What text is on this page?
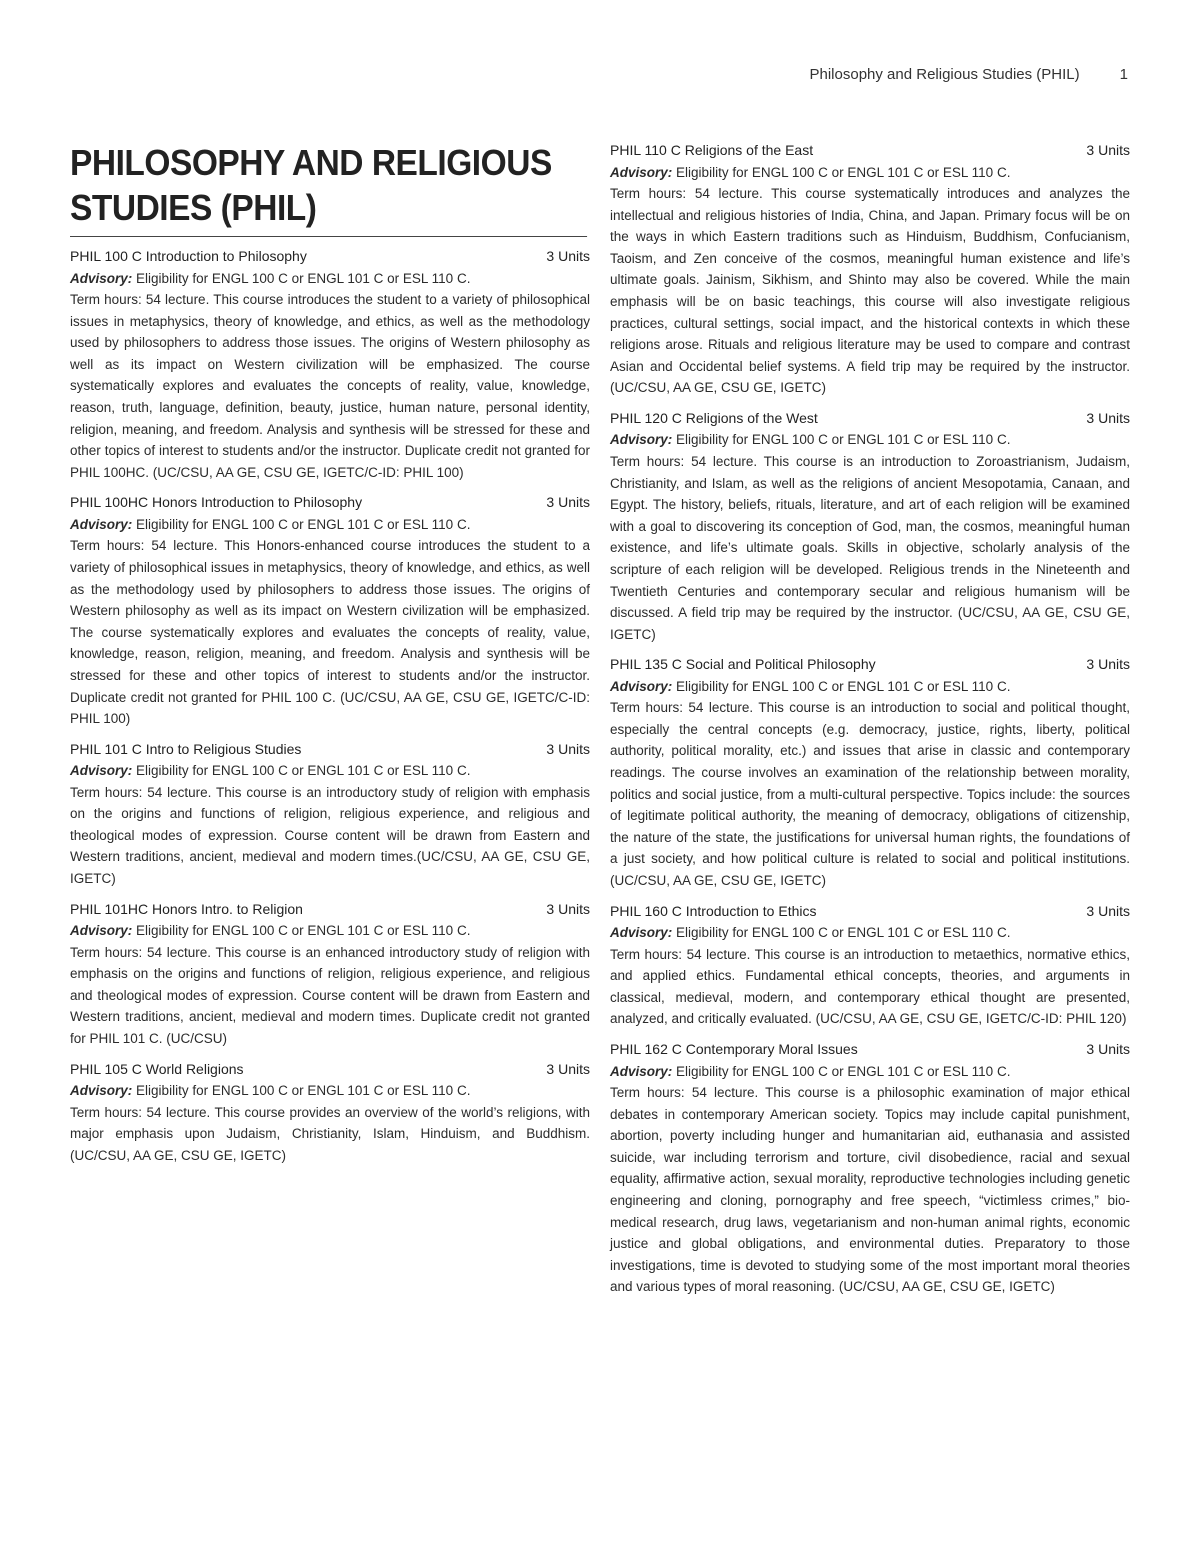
Philosophy and Religious Studies (PHIL)	1
PHILOSOPHY AND RELIGIOUS
STUDIES (PHIL)
PHIL 100 C Introduction to Philosophy	3 Units
Advisory: Eligibility for ENGL 100 C or ENGL 101 C or ESL 110 C.

Term hours: 54 lecture. This course introduces the student to a variety of philosophical issues in metaphysics, theory of knowledge, and ethics, as well as the methodology used by philosophers to address those issues. The origins of Western philosophy as well as its impact on Western civilization will be emphasized. The course systematically explores and evaluates the concepts of reality, value, knowledge, reason, truth, language, definition, beauty, justice, human nature, personal identity, religion, meaning, and freedom. Analysis and synthesis will be stressed for these and other topics of interest to students and/or the instructor. Duplicate credit not granted for PHIL 100HC. (UC/CSU, AA GE, CSU GE, IGETC/C-ID: PHIL 100)

PHIL 100HC Honors Introduction to Philosophy	3 Units
Advisory: Eligibility for ENGL 100 C or ENGL 101 C or ESL 110 C.

Term hours: 54 lecture. This Honors-enhanced course introduces the student to a variety of philosophical issues in metaphysics, theory of knowledge, and ethics, as well as the methodology used by philosophers to address those issues. The origins of Western philosophy as well as its impact on Western civilization will be emphasized. The course systematically explores and evaluates the concepts of reality, value, knowledge, reason, religion, meaning, and freedom. Analysis and synthesis will be stressed for these and other topics of interest to students and/or the instructor. Duplicate credit not granted for PHIL 100 C. (UC/CSU, AA GE, CSU GE, IGETC/C-ID: PHIL 100)

PHIL 101 C Intro to Religious Studies	3 Units
Advisory: Eligibility for ENGL 100 C or ENGL 101 C or ESL 110 C.

Term hours: 54 lecture. This course is an introductory study of religion with emphasis on the origins and functions of religion, religious experience, and religious and theological modes of expression. Course content will be drawn from Eastern and Western traditions, ancient, medieval and modern times.(UC/CSU, AA GE, CSU GE, IGETC)

PHIL 101HC Honors Intro. to Religion	3 Units
Advisory: Eligibility for ENGL 100 C or ENGL 101 C or ESL 110 C.

Term hours: 54 lecture. This course is an enhanced introductory study of religion with emphasis on the origins and functions of religion, religious experience, and religious and theological modes of expression. Course content will be drawn from Eastern and Western traditions, ancient, medieval and modern times. Duplicate credit not granted for PHIL 101 C. (UC/CSU)

PHIL 105 C World Religions	3 Units
Advisory: Eligibility for ENGL 100 C or ENGL 101 C or ESL 110 C.

Term hours: 54 lecture. This course provides an overview of the world’s religions, with major emphasis upon Judaism, Christianity, Islam, Hinduism, and Buddhism. (UC/CSU, AA GE, CSU GE, IGETC)

PHIL 110 C Religions of the East	3 Units
Advisory: Eligibility for ENGL 100 C or ENGL 101 C or ESL 110 C.

Term hours: 54 lecture. This course systematically introduces and analyzes the intellectual and religious histories of India, China, and Japan. Primary focus will be on the ways in which Eastern traditions such as Hinduism, Buddhism, Confucianism, Taoism, and Zen conceive of the cosmos, meaningful human existence and life’s ultimate goals. Jainism, Sikhism, and Shinto may also be covered. While the main emphasis will be on basic teachings, this course will also investigate religious practices, cultural settings, social impact, and the historical contexts in which these religions arose. Rituals and religious literature may be used to compare and contrast Asian and Occidental belief systems. A field trip may be required by the instructor. (UC/CSU, AA GE, CSU GE, IGETC)

PHIL 120 C Religions of the West	3 Units
Advisory: Eligibility for ENGL 100 C or ENGL 101 C or ESL 110 C.

Term hours: 54 lecture. This course is an introduction to Zoroastrianism, Judaism, Christianity, and Islam, as well as the religions of ancient Mesopotamia, Canaan, and Egypt. The history, beliefs, rituals, literature, and art of each religion will be examined with a goal to discovering its conception of God, man, the cosmos, meaningful human existence, and life’s ultimate goals. Skills in objective, scholarly analysis of the scripture of each religion will be developed. Religious trends in the Nineteenth and Twentieth Centuries and contemporary secular and religious humanism will be discussed. A field trip may be required by the instructor. (UC/CSU, AA GE, CSU GE, IGETC)

PHIL 135 C Social and Political Philosophy	3 Units
Advisory: Eligibility for ENGL 100 C or ENGL 101 C or ESL 110 C.

Term hours: 54 lecture. This course is an introduction to social and political thought, especially the central concepts (e.g. democracy, justice, rights, liberty, political authority, political morality, etc.) and issues that arise in classic and contemporary readings. The course involves an examination of the relationship between morality, politics and social justice, from a multi-cultural perspective. Topics include: the sources of legitimate political authority, the meaning of democracy, obligations of citizenship, the nature of the state, the justifications for universal human rights, the foundations of a just society, and how political culture is related to social and political institutions. (UC/CSU, AA GE, CSU GE, IGETC)

PHIL 160 C Introduction to Ethics	3 Units
Advisory: Eligibility for ENGL 100 C or ENGL 101 C or ESL 110 C.

Term hours: 54 lecture. This course is an introduction to metaethics, normative ethics, and applied ethics. Fundamental ethical concepts, theories, and arguments in classical, medieval, modern, and contemporary ethical thought are presented, analyzed, and critically evaluated. (UC/CSU, AA GE, CSU GE, IGETC/C-ID: PHIL 120)

PHIL 162 C Contemporary Moral Issues	3 Units
Advisory: Eligibility for ENGL 100 C or ENGL 101 C or ESL 110 C.

Term hours: 54 lecture. This course is a philosophic examination of major ethical debates in contemporary American society. Topics may include capital punishment, abortion, poverty including hunger and humanitarian aid, euthanasia and assisted suicide, war including terrorism and torture, civil disobedience, racial and sexual equality, affirmative action, sexual morality, reproductive technologies including genetic engineering and cloning, pornography and free speech, “victimless crimes,” bio-medical research, drug laws, vegetarianism and non-human animal rights, economic justice and global obligations, and environmental duties. Preparatory to those investigations, time is devoted to studying some of the most important moral theories and various types of moral reasoning. (UC/CSU, AA GE, CSU GE, IGETC)
